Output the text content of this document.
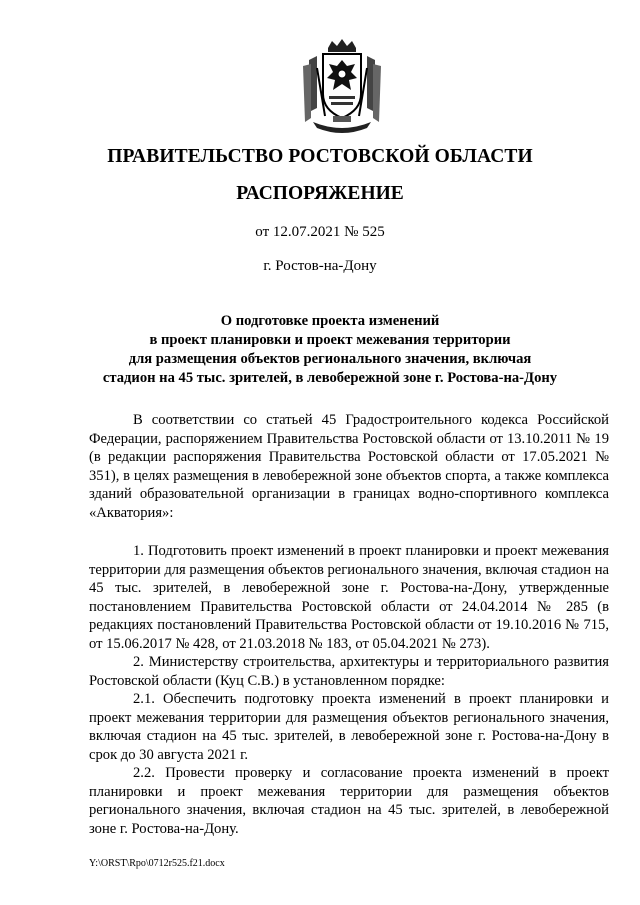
ПРАВИТЕЛЬСТВО РОСТОВСКОЙ ОБЛАСТИ
РАСПОРЯЖЕНИЕ
от 12.07.2021 № 525
г. Ростов-на-Дону
О подготовке проекта изменений
в проект планировки и проект межевания территории
для размещения объектов регионального значения, включая
стадион на 45 тыс. зрителей, в левобережной зоне г. Ростова-на-Дону

В соответствии со статьей 45 Градостроительного кодекса Российской Федерации, распоряжением Правительства Ростовской области от 13.10.2011 № 19 (в редакции распоряжения Правительства Ростовской области от 17.05.2021 № 351), в целях размещения в левобережной зоне объектов спорта, а также комплекса зданий образовательной организации в границах водно-спортивного комплекса «Акватория»:

1. Подготовить проект изменений в проект планировки и проект межевания территории для размещения объектов регионального значения, включая стадион на 45 тыс. зрителей, в левобережной зоне г. Ростова-на-Дону, утвержденные постановлением Правительства Ростовской области от 24.04.2014 № 285 (в редакциях постановлений Правительства Ростовской области от 19.10.2016 № 715, от 15.06.2017 № 428, от 21.03.2018 № 183, от 05.04.2021 № 273).

2. Министерству строительства, архитектуры и территориального развития Ростовской области (Куц С.В.) в установленном порядке:

2.1. Обеспечить подготовку проекта изменений в проект планировки и проект межевания территории для размещения объектов регионального значения, включая стадион на 45 тыс. зрителей, в левобережной зоне г. Ростова-на-Дону в срок до 30 августа 2021 г.

2.2. Провести проверку и согласование проекта изменений в проект планировки и проект межевания территории для размещения объектов регионального значения, включая стадион на 45 тыс. зрителей, в левобережной зоне г. Ростова-на-Дону.

Y:\ORST\Rpo\0712r525.f21.docx
